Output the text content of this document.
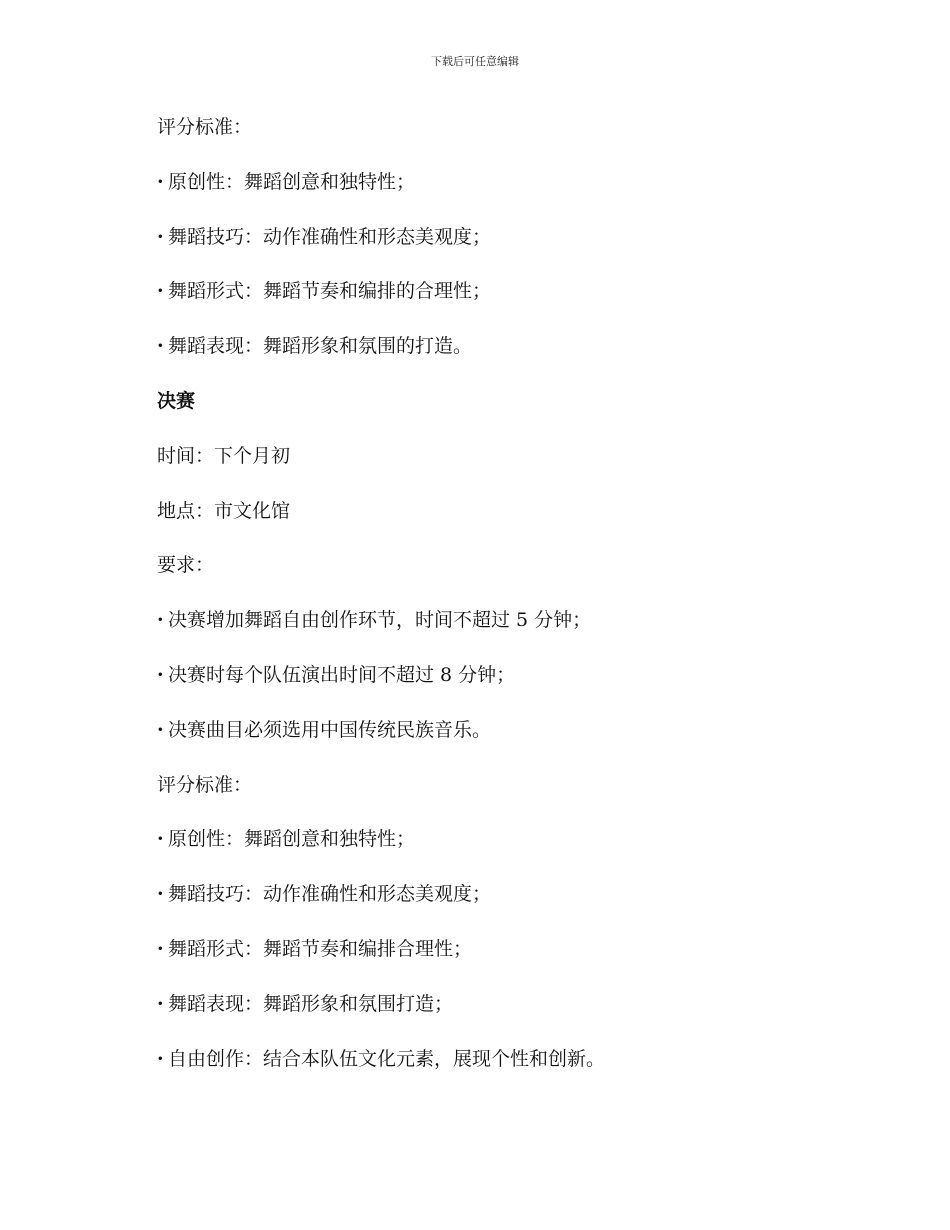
下载后可任意编辑
评分标准：
· 原创性：舞蹈创意和独特性；
· 舞蹈技巧：动作准确性和形态美观度；
· 舞蹈形式：舞蹈节奏和编排的合理性；
· 舞蹈表现：舞蹈形象和氛围的打造。
决赛
时间：下个月初
地点：市文化馆
要求：
· 决赛增加舞蹈自由创作环节，时间不超过 5 分钟；
· 决赛时每个队伍演出时间不超过 8 分钟；
· 决赛曲目必须选用中国传统民族音乐。
评分标准：
· 原创性：舞蹈创意和独特性；
· 舞蹈技巧：动作准确性和形态美观度；
· 舞蹈形式：舞蹈节奏和编排合理性；
· 舞蹈表现：舞蹈形象和氛围打造；
· 自由创作：结合本队伍文化元素，展现个性和创新。
